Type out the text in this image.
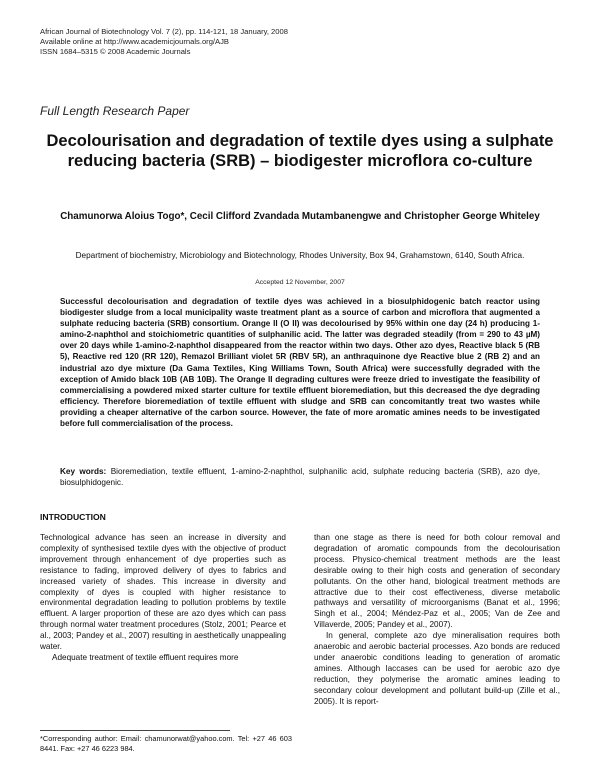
African Journal of Biotechnology Vol. 7 (2), pp. 114-121, 18 January, 2008
Available online at http://www.academicjournals.org/AJB
ISSN 1684–5315 © 2008 Academic Journals
Full Length Research Paper
Decolourisation and degradation of textile dyes using a sulphate reducing bacteria (SRB) – biodigester microflora co-culture
Chamunorwa Aloius Togo*, Cecil Clifford Zvandada Mutambanengwe and Christopher George Whiteley
Department of biochemistry, Microbiology and Biotechnology, Rhodes University, Box 94, Grahamstown, 6140, South Africa.
Accepted 12 November, 2007
Successful decolourisation and degradation of textile dyes was achieved in a biosulphidogenic batch reactor using biodigester sludge from a local municipality waste treatment plant as a source of carbon and microflora that augmented a sulphate reducing bacteria (SRB) consortium. Orange II (O II) was decolourised by 95% within one day (24 h) producing 1-amino-2-naphthol and stoichiometric quantities of sulphanilic acid. The latter was degraded steadily (from = 290 to 43 µM) over 20 days while 1-amino-2-naphthol disappeared from the reactor within two days. Other azo dyes, Reactive black 5 (RB 5), Reactive red 120 (RR 120), Remazol Brilliant violet 5R (RBV 5R), an anthraquinone dye Reactive blue 2 (RB 2) and an industrial azo dye mixture (Da Gama Textiles, King Williams Town, South Africa) were successfully degraded with the exception of Amido black 10B (AB 10B). The Orange II degrading cultures were freeze dried to investigate the feasibility of commercialising a powdered mixed starter culture for textile effluent bioremediation, but this decreased the dye degrading efficiency. Therefore bioremediation of textile effluent with sludge and SRB can concomitantly treat two wastes while providing a cheaper alternative of the carbon source. However, the fate of more aromatic amines needs to be investigated before full commercialisation of the process.
Key words: Bioremediation, textile effluent, 1-amino-2-naphthol, sulphanilic acid, sulphate reducing bacteria (SRB), azo dye, biosulphidogenic.
INTRODUCTION

Technological advance has seen an increase in diversity and complexity of synthesised textile dyes with the objective of product improvement through enhancement of dye properties such as resistance to fading, improved delivery of dyes to fabrics and increased variety of shades. This increase in diversity and complexity of dyes is coupled with higher resistance to environmental degradation leading to pollution problems by textile effluent. A larger proportion of these are azo dyes which can pass through normal water treatment procedures (Stolz, 2001; Pearce et al., 2003; Pandey et al., 2007) resulting in aesthetically unappealing water.

Adequate treatment of textile effluent requires more

than one stage as there is need for both colour removal and degradation of aromatic compounds from the decolourisation process. Physico-chemical treatment methods are the least desirable owing to their high costs and generation of secondary pollutants. On the other hand, biological treatment methods are attractive due to their cost effectiveness, diverse metabolic pathways and versatility of microorganisms (Banat et al., 1996; Singh et al., 2004; Méndez-Paz et al., 2005; Van de Zee and Villaverde, 2005; Pandey et al., 2007).

In general, complete azo dye mineralisation requires both anaerobic and aerobic bacterial processes. Azo bonds are reduced under anaerobic conditions leading to generation of aromatic amines. Although laccases can be used for aerobic azo dye reduction, they polymerise the aromatic amines leading to secondary colour development and pollutant build-up (Zille et al., 2005). It is report-

*Corresponding author: Email: chamunorwat@yahoo.com. Tel: +27 46 603 8441. Fax: +27 46 6223 984.
